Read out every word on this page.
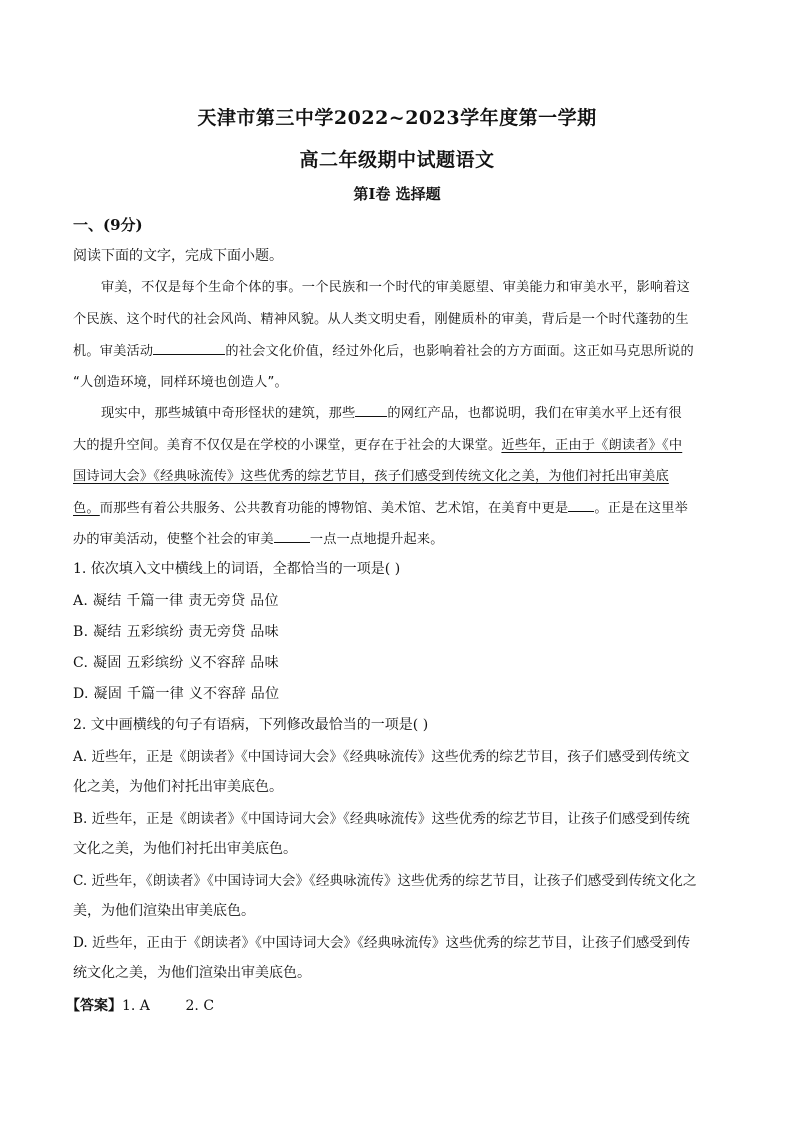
天津市第三中学2022~2023学年度第一学期
高二年级期中试题语文
第Ⅰ卷 选择题
一、(9分)
阅读下面的文字，完成下面小题。
审美，不仅是每个生命个体的事。一个民族和一个时代的审美愿望、审美能力和审美水平，影响着这
个民族、这个时代的社会风尚、精神风貌。从人类文明史看，刚健质朴的审美，背后是一个时代蓬勃的生
机。审美活动	的社会文化价值，经过外化后，也影响着社会的方方面面。这正如马克思所说的
“人创造环境，同样环境也创造人”。
现实中，那些城镇中奇形怪状的建筑，那些 的网红产品，也都说明，我们在审美水平上还有很
大的提升空间。美育不仅仅是在学校的小课堂，更存在于社会的大课堂。近些年，正由于《朗读者》《中
国诗词大会》《经典咏流传》这些优秀的综艺节目，孩子们感受到传统文化之美，为他们衬托出审美底
色。而那些有着公共服务、公共教育功能的博物馆、美术馆、艺术馆，在美育中更是 。正是在这里举
办的审美活动，使整个社会的审美	一点一点地提升起来。
1. 依次填入文中横线上的词语，全都恰当的一项是( )
A. 凝结 千篇一律 责无旁贷 品位
B. 凝结 五彩缤纷 责无旁贷 品味
C. 凝固 五彩缤纷 义不容辞 品味
D. 凝固 千篇一律 义不容辞 品位
2. 文中画横线的句子有语病，下列修改最恰当的一项是( )
A. 近些年，正是《朗读者》《中国诗词大会》《经典咏流传》这些优秀的综艺节目，孩子们感受到传统文
化之美，为他们衬托出审美底色。
B. 近些年，正是《朗读者》《中国诗词大会》《经典咏流传》这些优秀的综艺节目，让孩子们感受到传统
文化之美，为他们衬托出审美底色。
C. 近些年，《朗读者》《中国诗词大会》《经典咏流传》这些优秀的综艺节目，让孩子们感受到传统文化之
美，为他们渲染出审美底色。
D. 近些年，正由于《朗读者》《中国诗词大会》《经典咏流传》这些优秀的综艺节目，让孩子们感受到传
统文化之美，为他们渲染出审美底色。
【答案】1. A        2. C
